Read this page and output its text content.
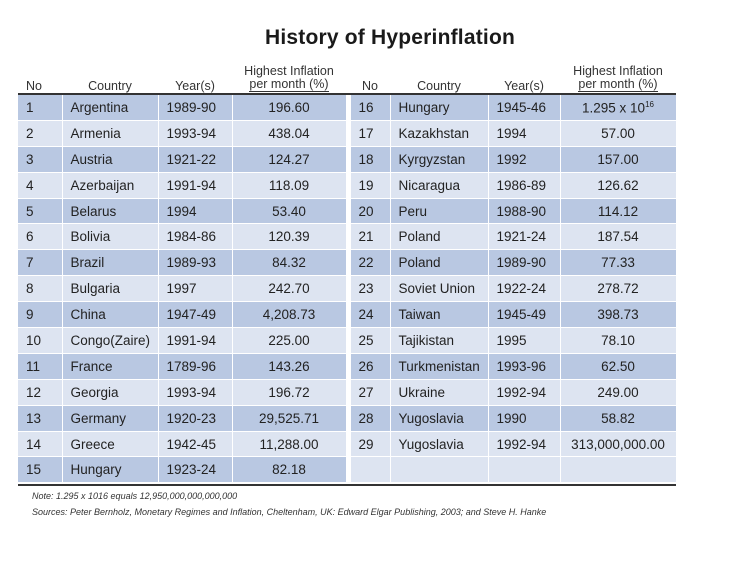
History of Hyperinflation
No	Country	Year(s)
Highest Inflation
per month (%)	No	Country	Year(s)
Highest Inflation
per month (%)
1	Argentina	1989-90	196.60		16	Hungary	1945-46	1.295 x $10^{16}$
2	Armenia	1993-94	438.04		17	Kazakhstan	1994	57.00
3	Austria	1921-22	124.27		18	Kyrgyzstan	1992	157.00
4	Azerbaijan	1991-94	118.09		19	Nicaragua	1986-89	126.62
5	Belarus	1994	53.40		20	Peru	1988-90	114.12
6	Bolivia	1984-86	120.39		21	Poland	1921-24	187.54
7	Brazil	1989-93	84.32		22	Poland	1989-90	77.33
8	Bulgaria	1997	242.70		23	Soviet Union	1922-24	278.72
9	China	1947-49	4,208.73		24	Taiwan	1945-49	398.73
10	Congo(Zaire)	1991-94	225.00		25	Tajikistan	1995	78.10
11	France	1789-96	143.26		26	Turkmenistan	1993-96	62.50
12	Georgia	1993-94	196.72		27	Ukraine	1992-94	249.00
13	Germany	1920-23	29,525.71		28	Yugoslavia	1990	58.82
14	Greece	1942-45	11,288.00		29	Yugoslavia	1992-94	313,000,000.00
15	Hungary	1923-24	82.18					
Note: 1.295 x 1016 equals 12,950,000,000,000,000
Sources: Peter Bernholz, Monetary Regimes and Inflation, Cheltenham, UK: Edward Elgar Publishing, 2003; and Steve H. Hanke
